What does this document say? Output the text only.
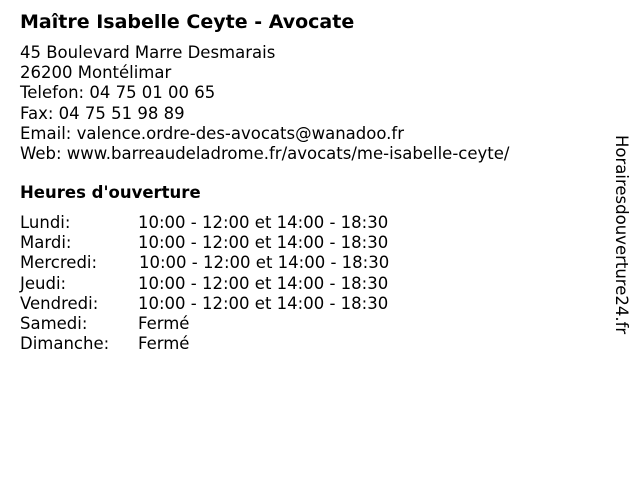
Maître Isabelle Ceyte - Avocate
45 Boulevard Marre Desmarais
26200 Montélimar
Telefon: 04 75 01 00 65
Fax: 04 75 51 98 89
Email: valence.ordre-des-avocats@wanadoo.fr
Web: www.barreaudeladrome.fr/avocats/me-isabelle-ceyte/
Heures d'ouverture
Lundi:	10:00 - 12:00 et 14:00 - 18:30
Mardi:	10:00 - 12:00 et 14:00 - 18:30
Mercredi:	10:00 - 12:00 et 14:00 - 18:30
Jeudi:	10:00 - 12:00 et 14:00 - 18:30
Vendredi: 10:00 - 12:00 et 14:00 - 18:30
Samedi:	Fermé
Dimanche: Fermé
Horairesdouverture24.fr
